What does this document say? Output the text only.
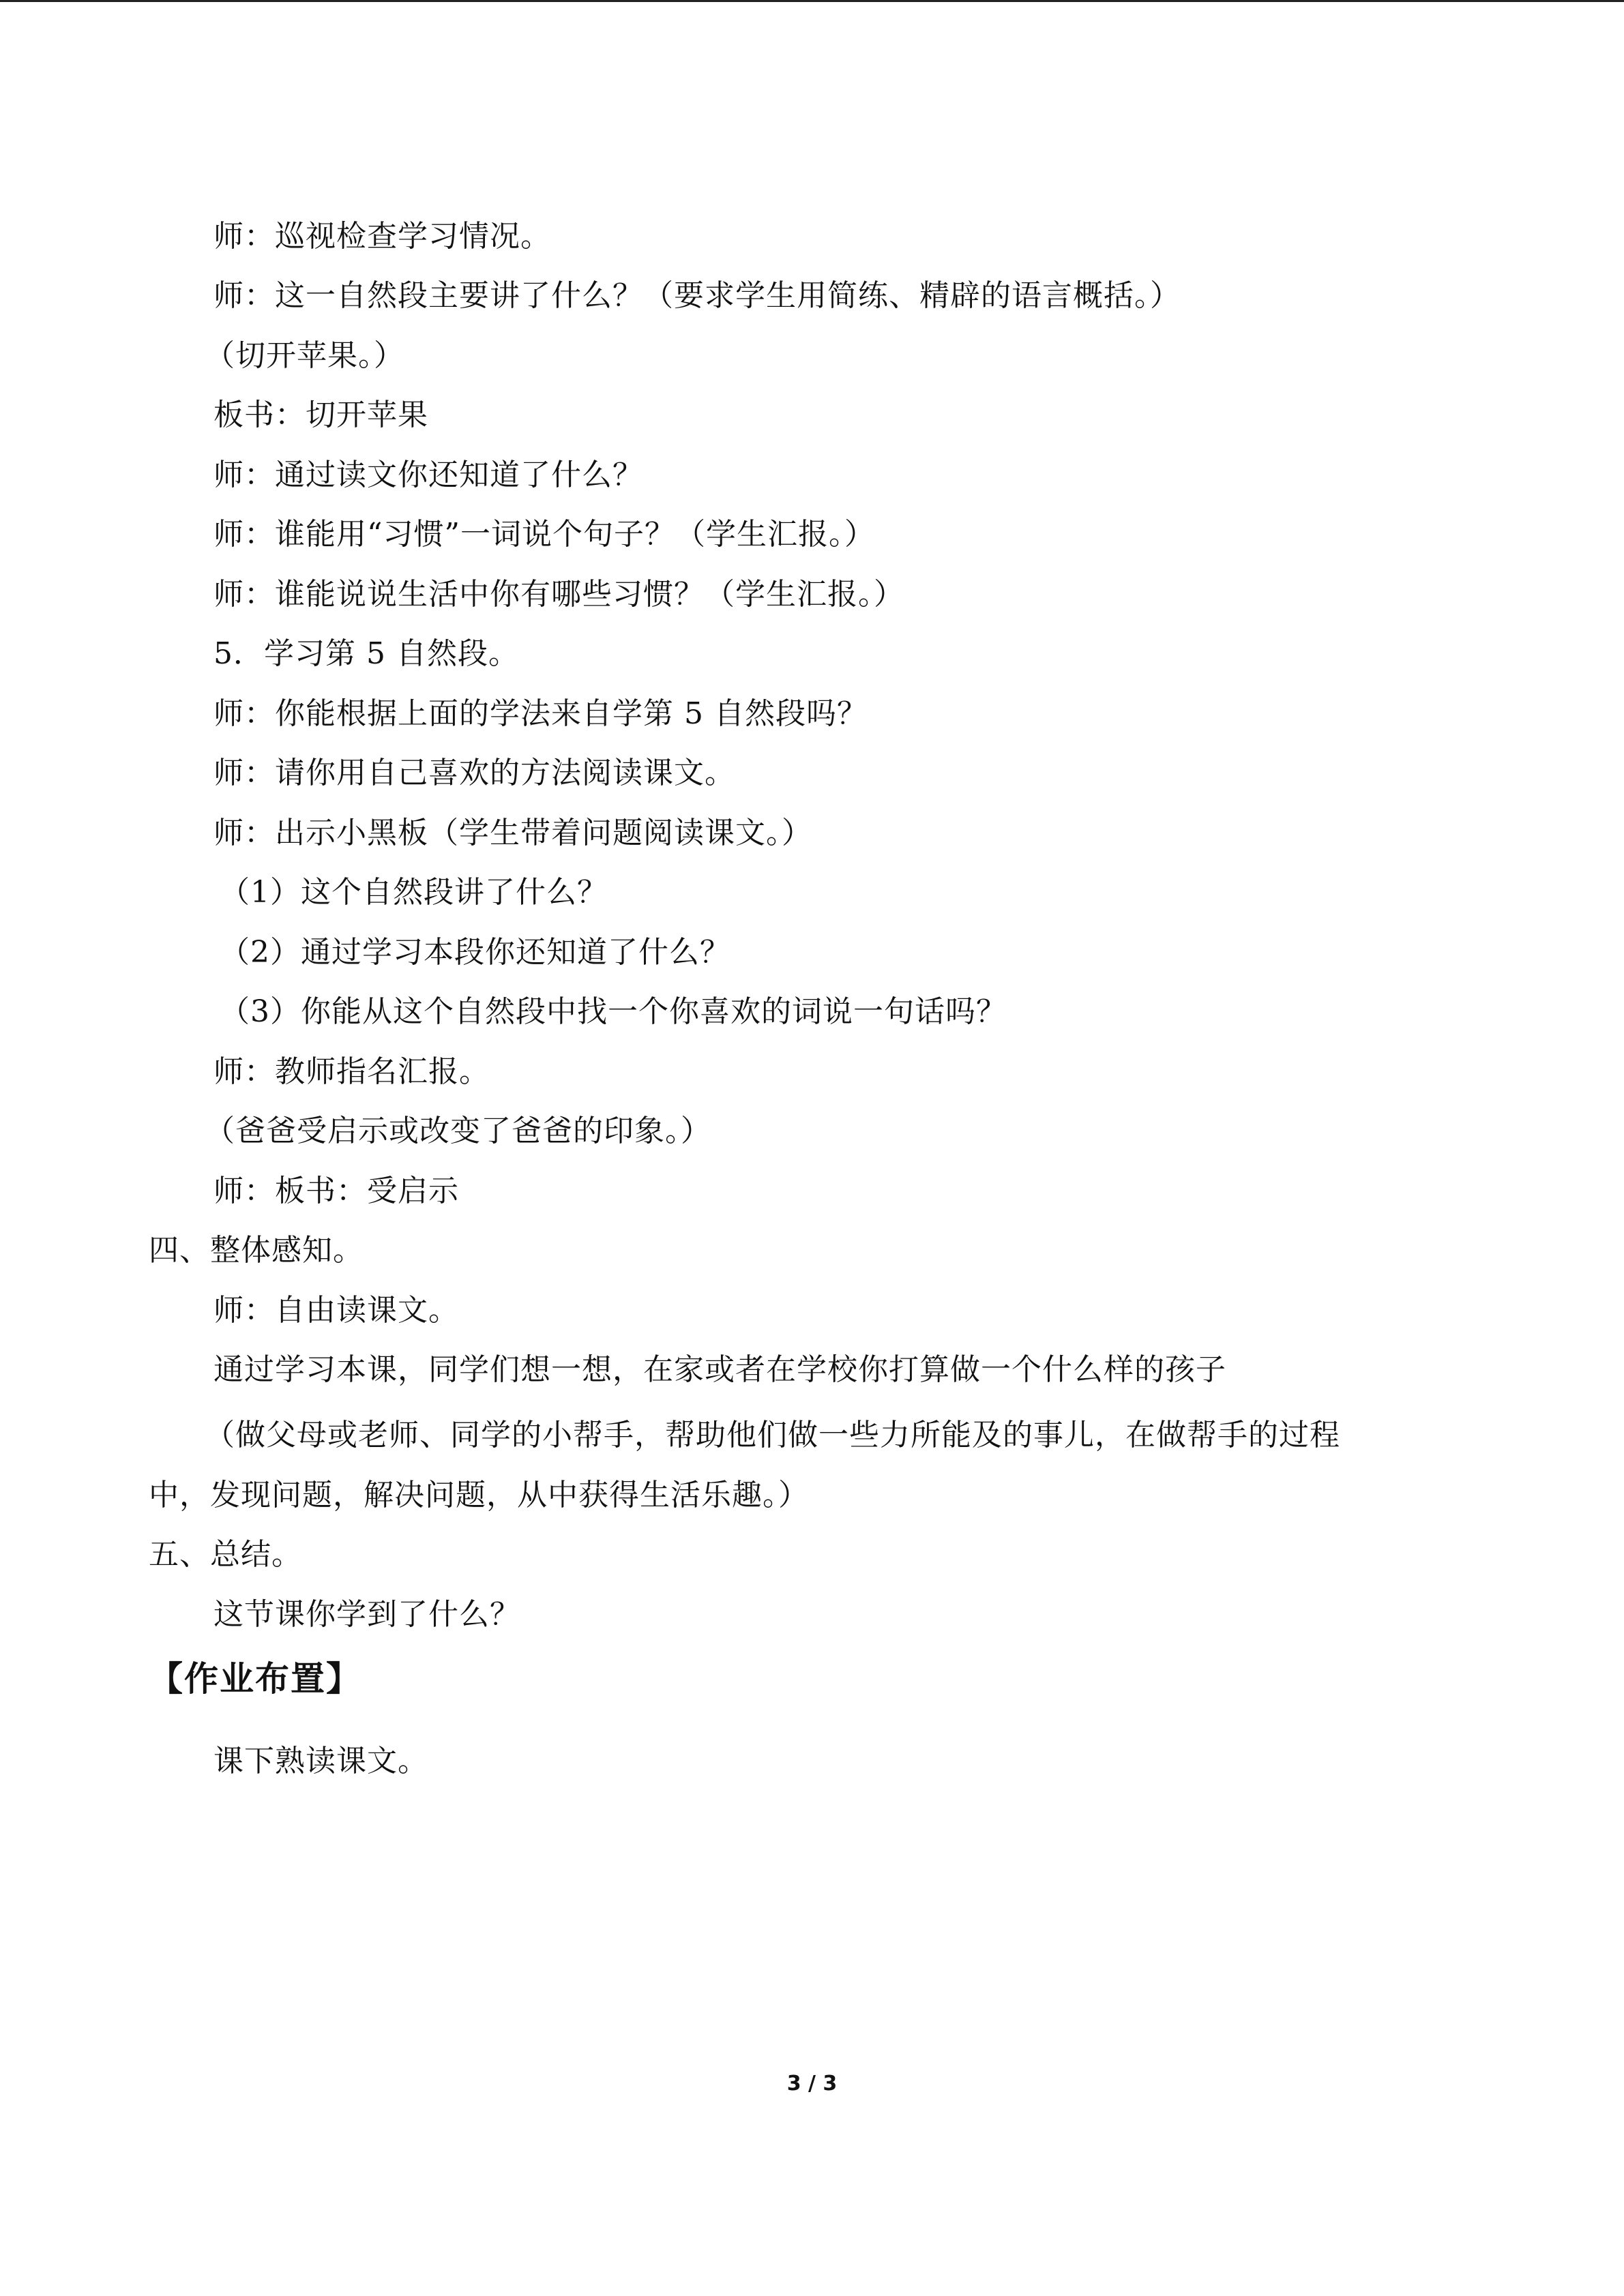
师：巡视检查学习情况。
师：这一自然段主要讲了什么？（要求学生用简练、精辟的语言概括。）
（切开苹果。）
板书：切开苹果
师：通过读文你还知道了什么？
师：谁能用“习惯”一词说个句子？（学生汇报。）
师：谁能说说生活中你有哪些习惯？（学生汇报。）
5．学习第 5 自然段。
师：你能根据上面的学法来自学第 5 自然段吗？
师：请你用自己喜欢的方法阅读课文。
师：出示小黑板（学生带着问题阅读课文。）
（1）这个自然段讲了什么？
（2）通过学习本段你还知道了什么？
（3）你能从这个自然段中找一个你喜欢的词说一句话吗？
师：教师指名汇报。
（爸爸受启示或改变了爸爸的印象。）
师：板书：受启示
四、整体感知。
师：自由读课文。
通过学习本课，同学们想一想，在家或者在学校你打算做一个什么样的孩子
（做父母或老师、同学的小帮手，帮助他们做一些力所能及的事儿，在做帮手的过程
中，发现问题，解决问题，从中获得生活乐趣。）
五、总结。
这节课你学到了什么？
【作业布置】
课下熟读课文。
3 / 3
